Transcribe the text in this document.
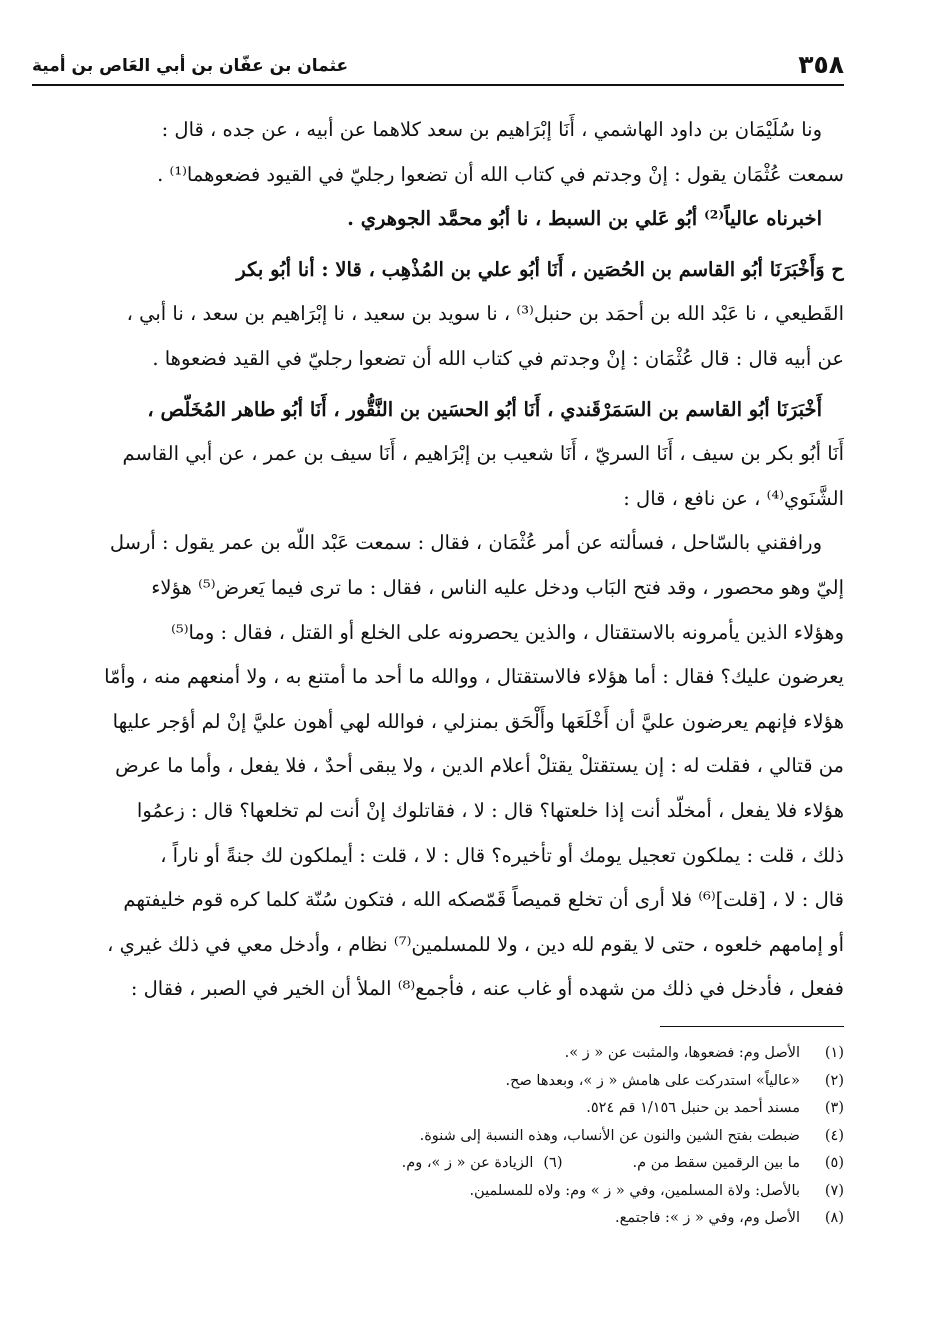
٣٥٨
عثمان بن عفّان بن أبي العَاص بن أمية
ونا سُلَيْمَان بن داود الهاشمي ، أَنَا إبْرَاهيم بن سعد كلاهما عن أبيه ، عن جده ، قال :
سمعت عُثْمَان يقول : إنْ وجدتم في كتاب الله أن تضعوا رجليّ في القيود فضعوهما⁽¹⁾ .
اخبرناه عالياً⁽²⁾ أبُو عَلي بن السبط ، نا أبُو محمَّد الجوهري .
ح وَأَخْبَرَنَا أبُو القاسم بن الحُصَين ، أَنَا أبُو علي بن المُذْهِب ، قالا : أنا أبُو بكر
القَطيعي ، نا عَبْد الله بن أحمَد بن حنبل⁽³⁾ ، نا سويد بن سعيد ، نا إبْرَاهيم بن سعد ، نا أبي ،
عن أبيه قال : قال عُثْمَان : إنْ وجدتم في كتاب الله أن تضعوا رجليّ في القيد فضعوها .
أَخْبَرَنَا أبُو القاسم بن السَمَرْقَندي ، أَنَا أبُو الحسَين بن النَّقُّور ، أَنَا أبُو طاهر المُخَلّص ،
أَنَا أبُو بكر بن سيف ، أَنَا السريّ ، أَنَا شعيب بن إبْرَاهيم ، أَنَا سيف بن عمر ، عن أبي القاسم
الشَّنَوي⁽⁴⁾ ، عن نافع ، قال :
ورافقني بالسّاحل ، فسألته عن أمر عُثْمَان ، فقال : سمعت عَبْد اللّه بن عمر يقول : أرسل
إليّ وهو محصور ، وقد فتح البَاب ودخل عليه الناس ، فقال : ما ترى فيما يَعرض⁽⁵⁾ هؤلاء
وهؤلاء الذين يأمرونه بالاستقتال ، والذين يحصرونه على الخلع أو القتل ، فقال : وما⁽⁵⁾
يعرضون عليك؟ فقال : أما هؤلاء فالاستقتال ، ووالله ما أحد ما أمتنع به ، ولا أمنعهم منه ، وأمّا
هؤلاء فإنهم يعرضون عليَّ أن أَخْلَعَها وأَلْحَق بمنزلي ، فوالله لهي أهون عليَّ إنْ لم أؤجر عليها
من قتالي ، فقلت له : إن يستقتلْ يقتلْ أعلام الدين ، ولا يبقى أحدٌ ، فلا يفعل ، وأما ما عرض
هؤلاء فلا يفعل ، أمخلّد أنت إذا خلعتها؟ قال : لا ، فقاتلوك إنْ أنت لم تخلعها؟ قال : زعمُوا
ذلك ، قلت : يملكون تعجيل يومك أو تأخيره؟ قال : لا ، قلت : أيملكون لك جنةً أو ناراً ،
قال : لا ، [قلت]⁽⁶⁾ فلا أرى أن تخلع قميصاً قَمّصكه الله ، فتكون سُنّة كلما كره قوم خليفتهم
أو إمامهم خلعوه ، حتى لا يقوم لله دين ، ولا للمسلمين⁽⁷⁾ نظام ، وأدخل معي في ذلك غيري ،
ففعل ، فأدخل في ذلك من شهده أو غاب عنه ، فأجمع⁽⁸⁾ الملأ أن الخير في الصبر ، فقال :
(١)
الأصل وم: فضعوها، والمثبت عن « ز ».
(٢)
«عالياً» استدركت على هامش « ز »، وبعدها صح.
(٣)
مسند أحمد بن حنبل ١/١٥٦ قم ٥٢٤.
(٤)
ضبطت بفتح الشين والنون عن الأنساب، وهذه النسبة إلى شنوة.
(٥)
ما بين الرقمين سقط من م.
(٦)
الزيادة عن « ز »، وم.
(٧)
بالأصل: ولاة المسلمين، وفي « ز » وم: ولاه للمسلمين.
(٨)
الأصل وم، وفي « ز »: فاجتمع.
